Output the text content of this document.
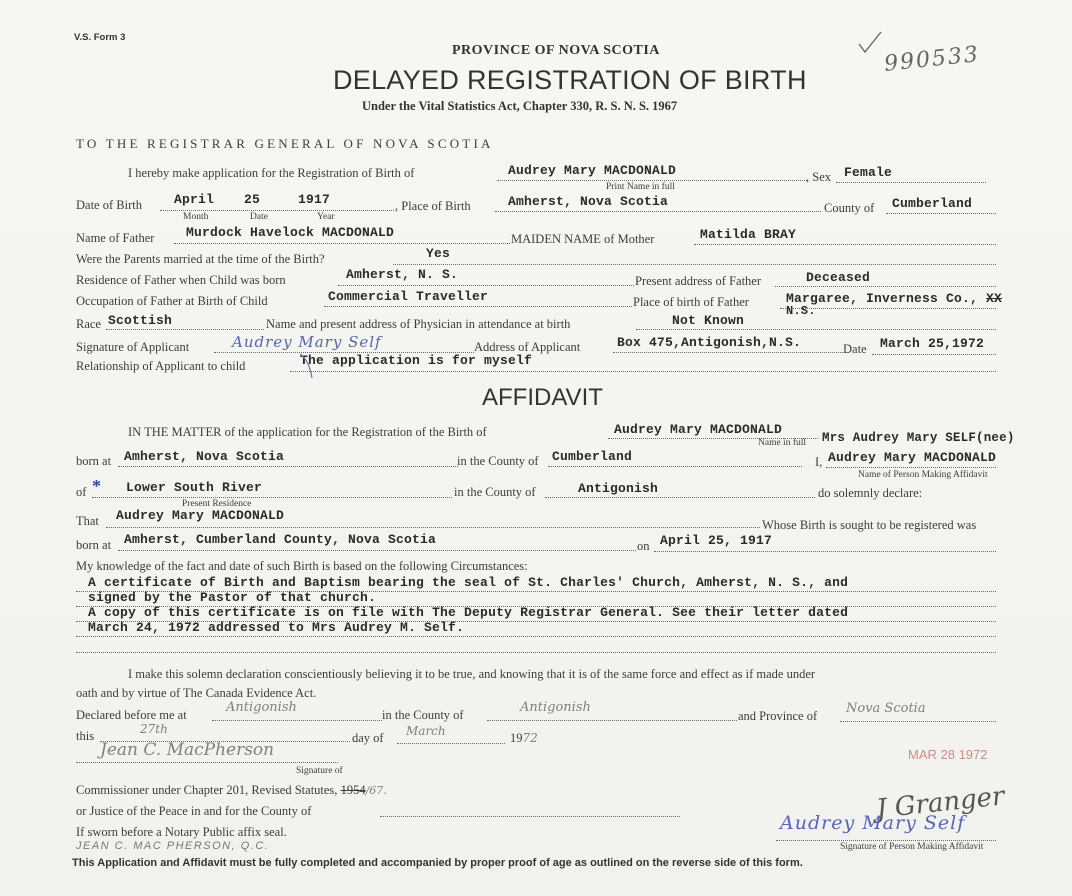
V.S. Form 3
PROVINCE OF NOVA SCOTIA
DELAYED REGISTRATION OF BIRTH
Under the Vital Statistics Act, Chapter 330, R. S. N. S. 1967
990533
TO THE REGISTRAR GENERAL OF NOVA SCOTIA
I hereby make application for the Registration of Birth of	Audrey Mary MACDONALD
Print Name in full
, Sex Female
Date of Birth April 25	1917
Month	Date	Year
, Place of Birth	Amherst, Nova Scotia	County of Cumberland
Name of Father Murdock Havelock MACDONALD	MAIDEN NAME of Mother	Matilda BRAY
Were the Parents married at the time of the Birth?	Yes
Residence of Father when Child was born	Amherst, N. S.	Present address of Father	Deceased
Occupation of Father at Birth of Child	Commercial Traveller	Place of birth of Father	Margaree, Inverness Co., XX
N.S.
Race Scottish	Name and present address of Physician in attendance at birth	Not Known
Signature of Applicant	Audrey Mary Self	Address of Applicant	Box 475,Antigonish,N.S.	Date March 25,1972
Relationship of Applicant to child	The application is for myself
AFFIDAVIT
IN THE MATTER of the application for the Registration of the Birth of	Audrey Mary MACDONALD
Name in full Mrs Audrey Mary SELF(nee)
born at Amherst, Nova Scotia	in the County of Cumberland	I, Audrey Mary MACDONALD
Name of Person Making Affidavit
of * Lower South River
Present Residence
in the County of	Antigonish	do solemnly declare:
That Audrey Mary MACDONALD
Whose Birth is sought to be registered was
born at Amherst, Cumberland County, Nova Scotia	on April 25, 1917
My knowledge of the fact and date of such Birth is based on the following Circumstances:
A certificate of Birth and Baptism bearing the seal of St. Charles' Church, Amherst, N. S., and
signed by the Pastor of that church.
A copy of this certificate is on file with The Deputy Registrar General. See their letter dated
March 24, 1972 addressed to Mrs Audrey M. Self.
I make this solemn declaration conscientiously believing it to be true, and knowing that it is of the same force and effect as if made under
oath and by virtue of The Canada Evidence Act.
Declared before me at	Antigonish	in the County of	Antigonish
and Province of Nova Scotia
this	27th
day of March	1972
MAR 28 1972
Jean C. MacPherson
Signature of
Commissioner under Chapter 201, Revised Statutes, 1954/67.
or Justice of the Peace in and for the County of
If sworn before a Notary Public affix seal.
JEAN C. MAC PHERSON, Q.C.
J Granger
Audrey Mary Self
Signature of Person Making Affidavit
This Application and Affidavit must be fully completed and accompanied by proper proof of age as outlined on the reverse side of this form.
